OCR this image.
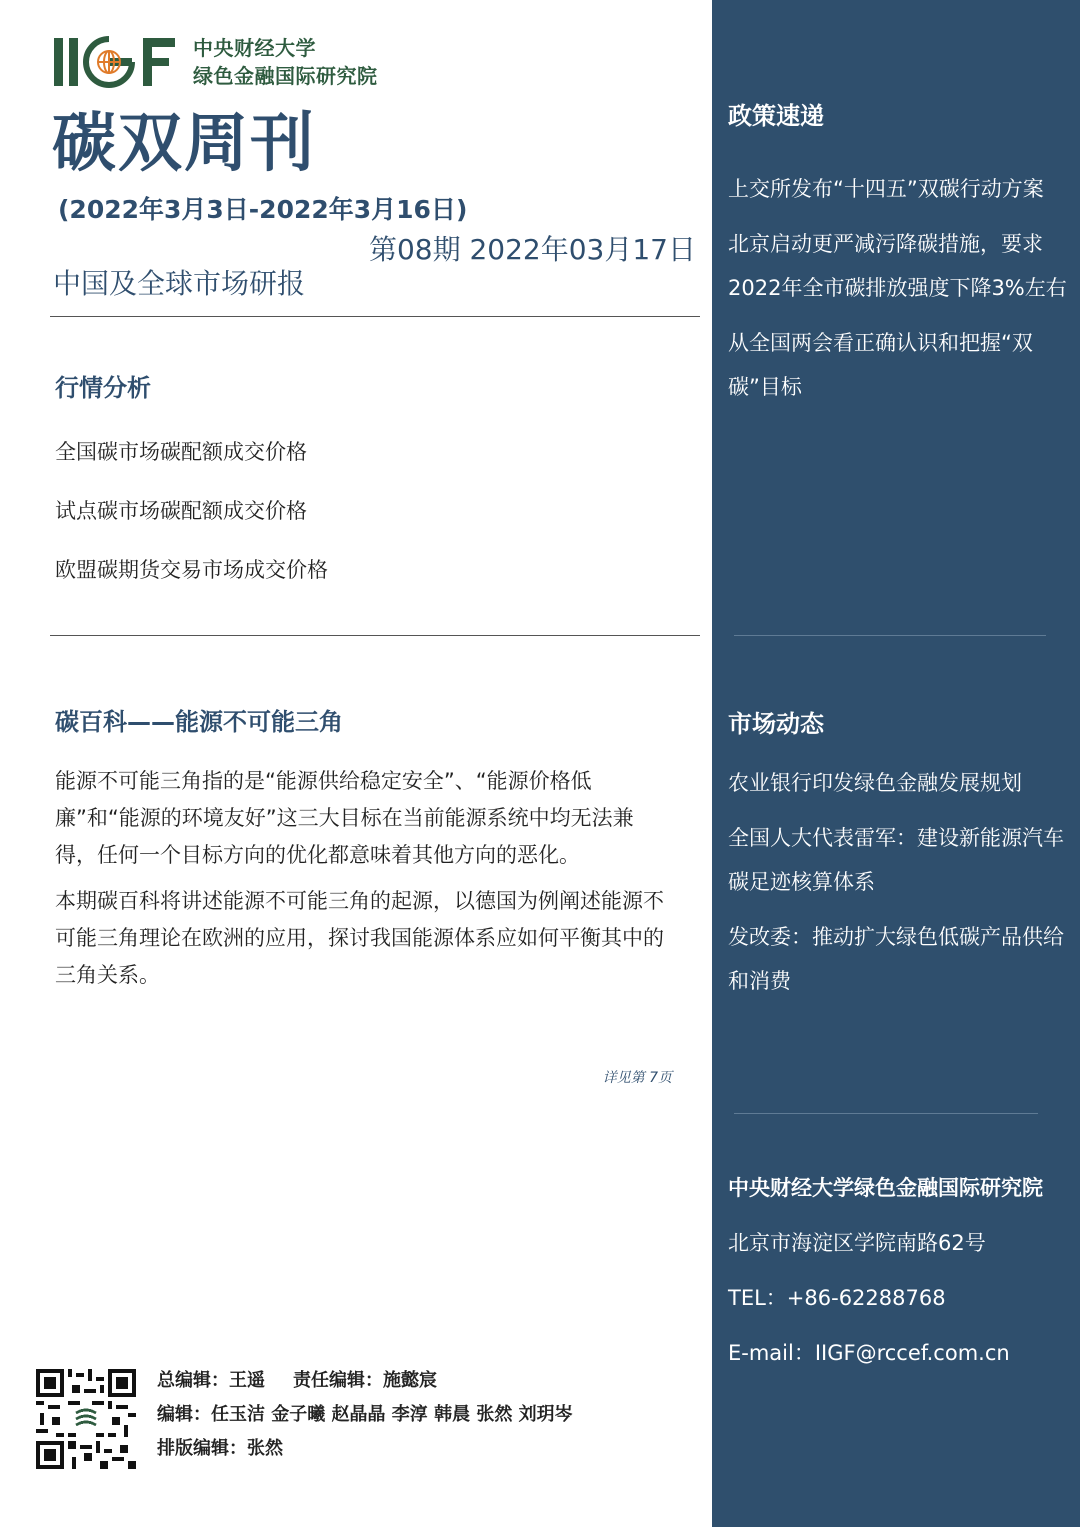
中央财经大学
绿色金融国际研究院
碳双周刊
(2022年3月3日-2022年3月16日)
第08期 2022年03月17日
中国及全球市场研报
行情分析
全国碳市场碳配额成交价格
试点碳市场碳配额成交价格
欧盟碳期货交易市场成交价格
碳百科——能源不可能三角

能源不可能三角指的是“能源供给稳定安全”、“能源价格低廉”和“能源的环境友好”这三大目标在当前能源系统中均无法兼得，任何一个目标方向的优化都意味着其他方向的恶化。

本期碳百科将讲述能源不可能三角的起源，以德国为例阐述能源不可能三角理论在欧洲的应用，探讨我国能源体系应如何平衡其中的三角关系。

详见第 7页
政策速递
上交所发布“十四五”双碳行动方案
北京启动更严减污降碳措施，要求2022年全市碳排放强度下降3%左右
从全国两会看正确认识和把握“双碳”目标
市场动态
农业银行印发绿色金融发展规划
全国人大代表雷军：建设新能源汽车碳足迹核算体系
发改委：推动扩大绿色低碳产品供给和消费
中央财经大学绿色金融国际研究院
北京市海淀区学院南路62号
TEL：+86-62288768
E-mail：IIGF@rccef.com.cn
总编辑：王遥 责任编辑：施懿宸
编辑：任玉洁 金子曦 赵晶晶 李淳 韩晨 张然 刘玥岑
排版编辑：张然
